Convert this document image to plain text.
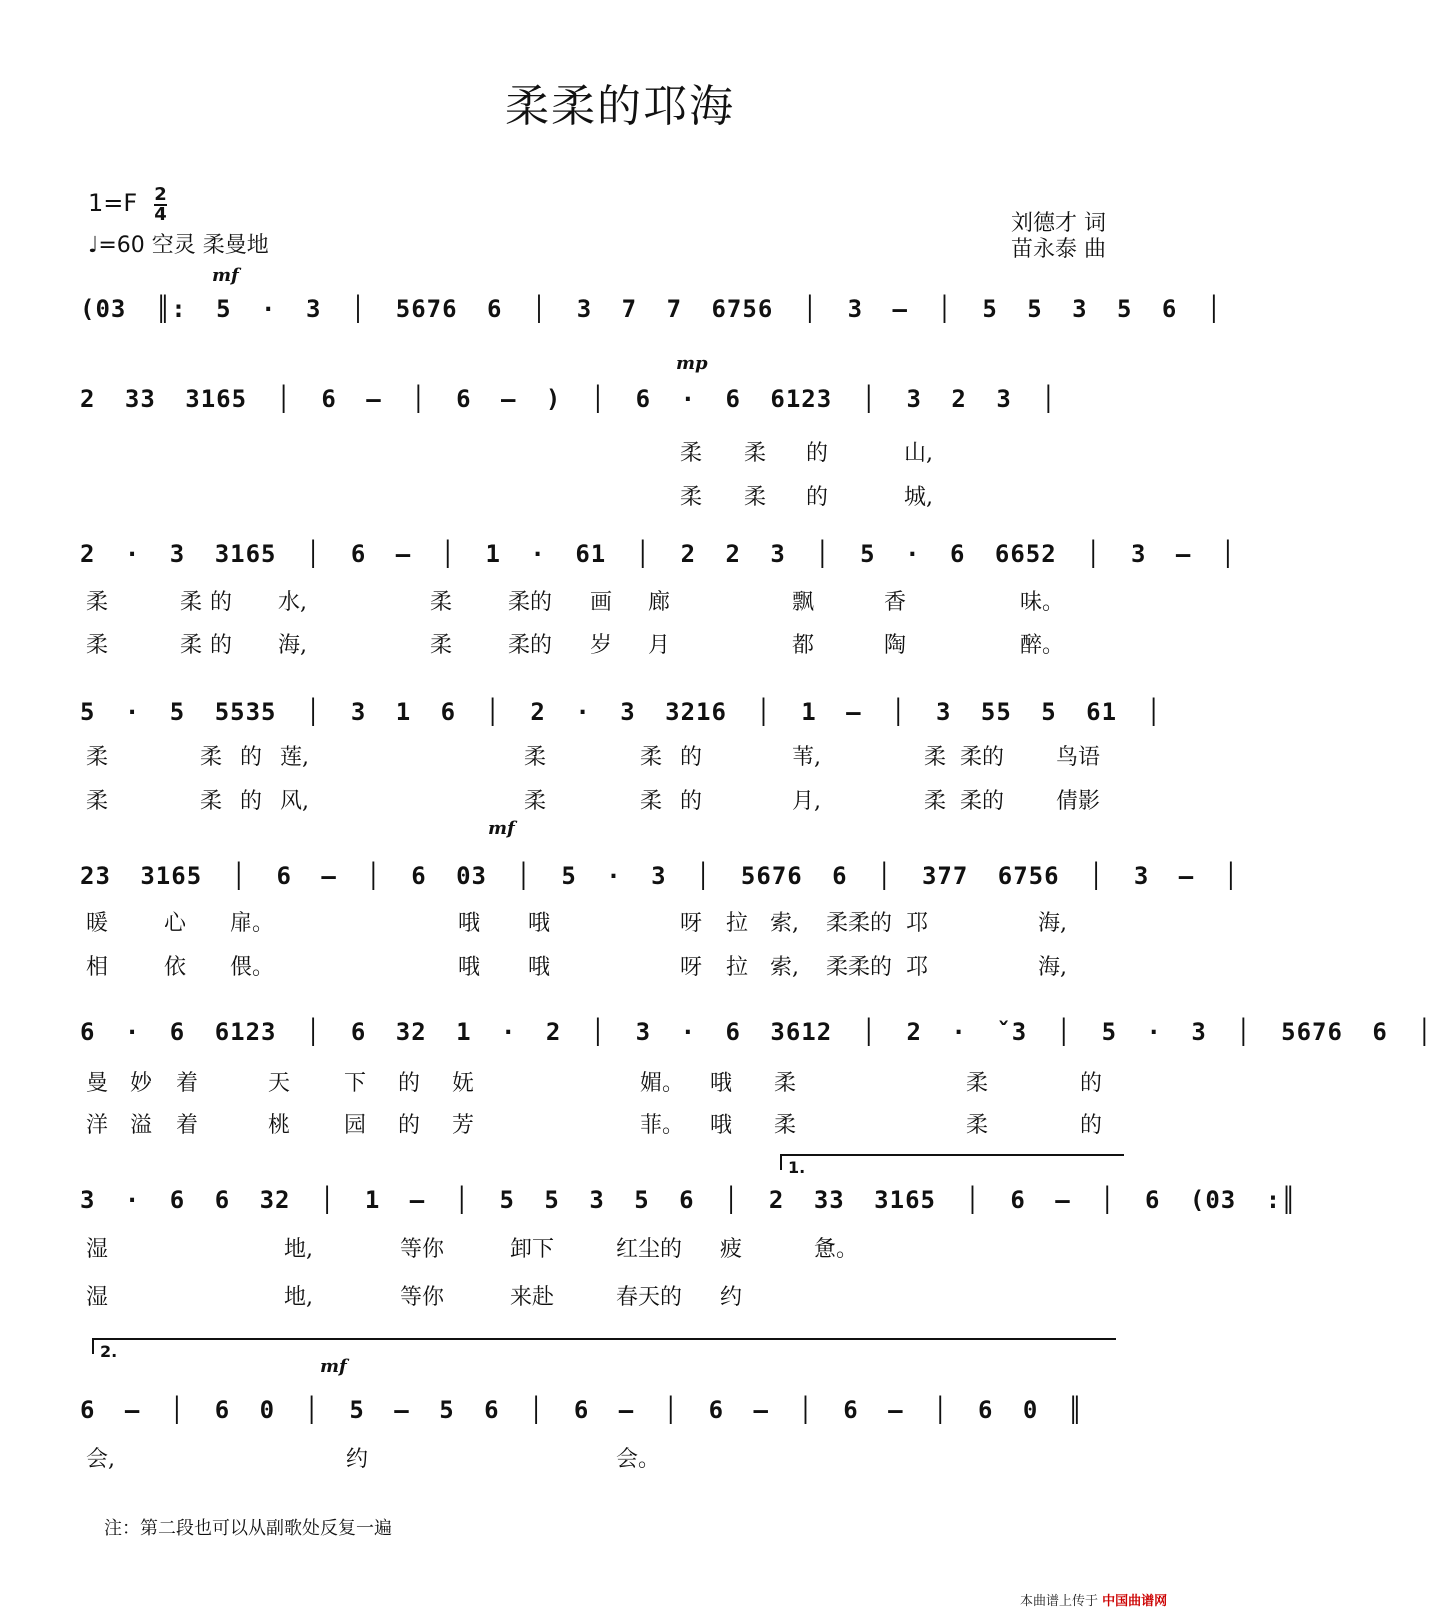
柔柔的邛海
$1=F \frac{2}{4}$
♩=60 空灵 柔曼地
刘德才 词
苗永泰 曲
mf
(03 ║: 5 · 3 │ 5676 6 │ 3 7 7 6756 │ 3 — │ 5 5 3 5 6 │
mp
2 33 3165 │ 6 — │ 6 — ) │ 6 · 6 6123 │ 3 2 3 │
柔 柔 的	山,
柔 柔 的	城,
2 · 3 3165 │ 6 — │ 1 · 61 │ 2 2 3 │ 5 · 6 6652 │ 3 — │
柔	柔 的 水,	柔	柔的 画 廊	飘	香	味。
柔	柔 的 海,	柔	柔的 岁 月	都	陶	醉。
5 · 5 5535 │ 3 1 6 │ 2 · 3 3216 │ 1 — │ 3 55 5 61 │
柔	柔 的 莲,	柔	柔 的	苇,	柔 柔的 鸟语
柔	柔 的 风,	柔	柔 的	月,	柔 柔的 倩影
mf
23 3165 │ 6 — │ 6 03 │ 5 · 3 │ 5676 6 │ 377 6756 │ 3 — │
暖	心 扉。	哦 哦	呀 拉 索, 柔柔的 邛	海,
相	依 偎。	哦 哦	呀 拉 索, 柔柔的 邛	海,
6 · 6 6123 │ 6 32 1 · 2 │ 3 · 6 3612 │ 2 · ˇ3 │ 5 · 3 │ 5676 6 │
曼 妙 着	天 下 的 妩	媚。 哦 柔	柔	的
洋 溢 着	桃 园 的 芳	菲。 哦 柔	柔	的
1.
3 · 6 6 32 │ 1 — │ 5 5 3 5 6 │ 2 33 3165 │ 6 — │ 6 (03 :║
湿	地,	等你	卸下	红尘的 疲	惫。
湿	地,	等你	来赴	春天的 约
2.
mf
6 — │ 6 0 │ 5 — 5 6 │ 6 — │ 6 — │ 6 — │ 6 0 ║
会,	约	会。
注：第二段也可以从副歌处反复一遍
本曲谱上传于 中国曲谱网
